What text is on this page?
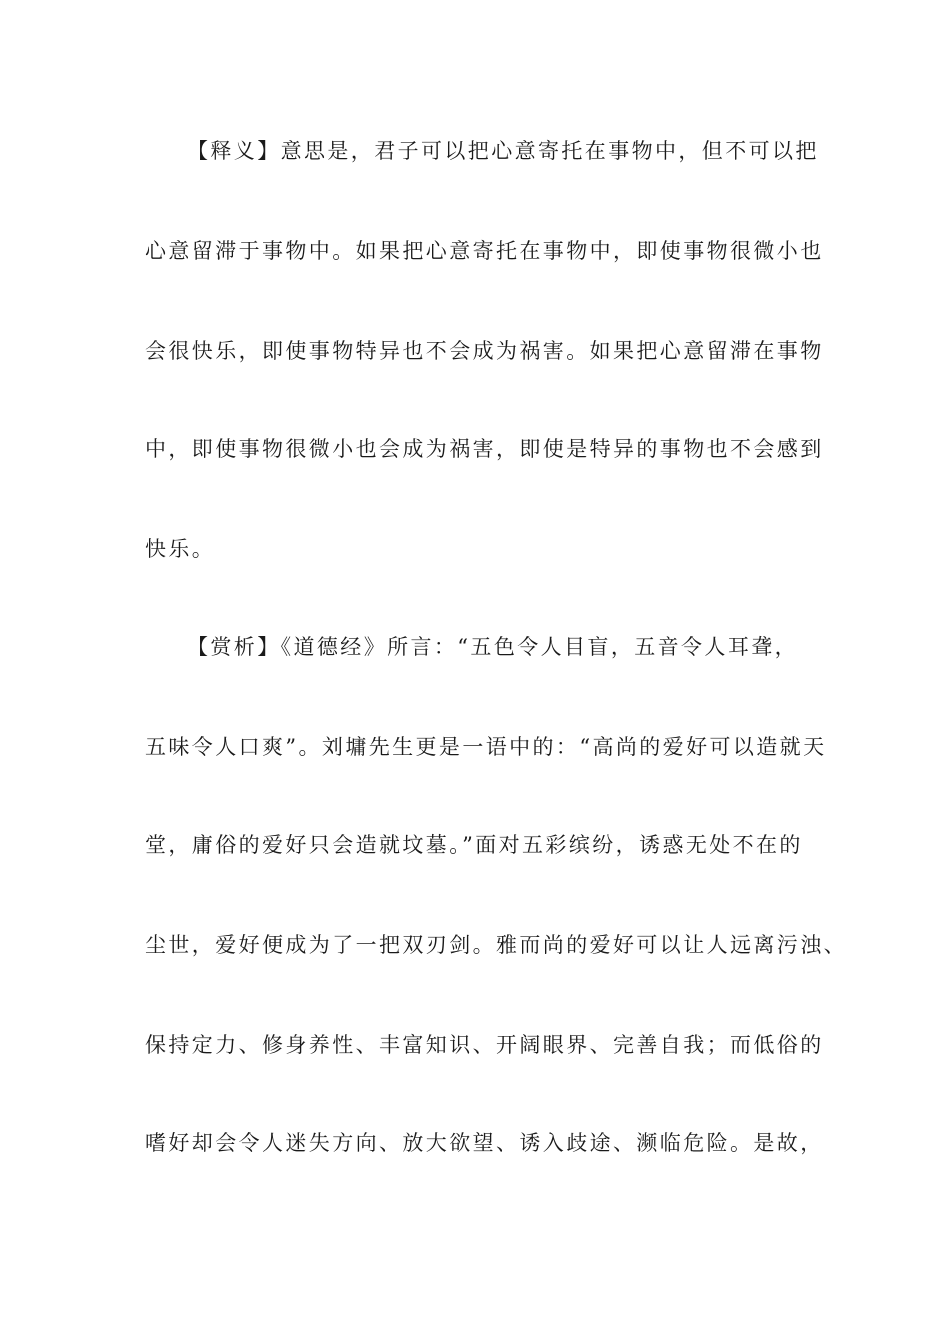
【释义】意思是，君子可以把心意寄托在事物中，但不可以把
心意留滞于事物中。如果把心意寄托在事物中，即使事物很微小也
会很快乐，即使事物特异也不会成为祸害。如果把心意留滞在事物
中，即使事物很微小也会成为祸害，即使是特异的事物也不会感到
快乐。
【赏析】《道德经》所言：“五色令人目盲，五音令人耳聋，
五味令人口爽”。刘墉先生更是一语中的：“高尚的爱好可以造就天
堂，庸俗的爱好只会造就坟墓。”面对五彩缤纷，诱惑无处不在的
尘世，爱好便成为了一把双刃剑。雅而尚的爱好可以让人远离污浊、
保持定力、修身养性、丰富知识、开阔眼界、完善自我；而低俗的
嗜好却会令人迷失方向、放大欲望、诱入歧途、濒临危险。是故，
